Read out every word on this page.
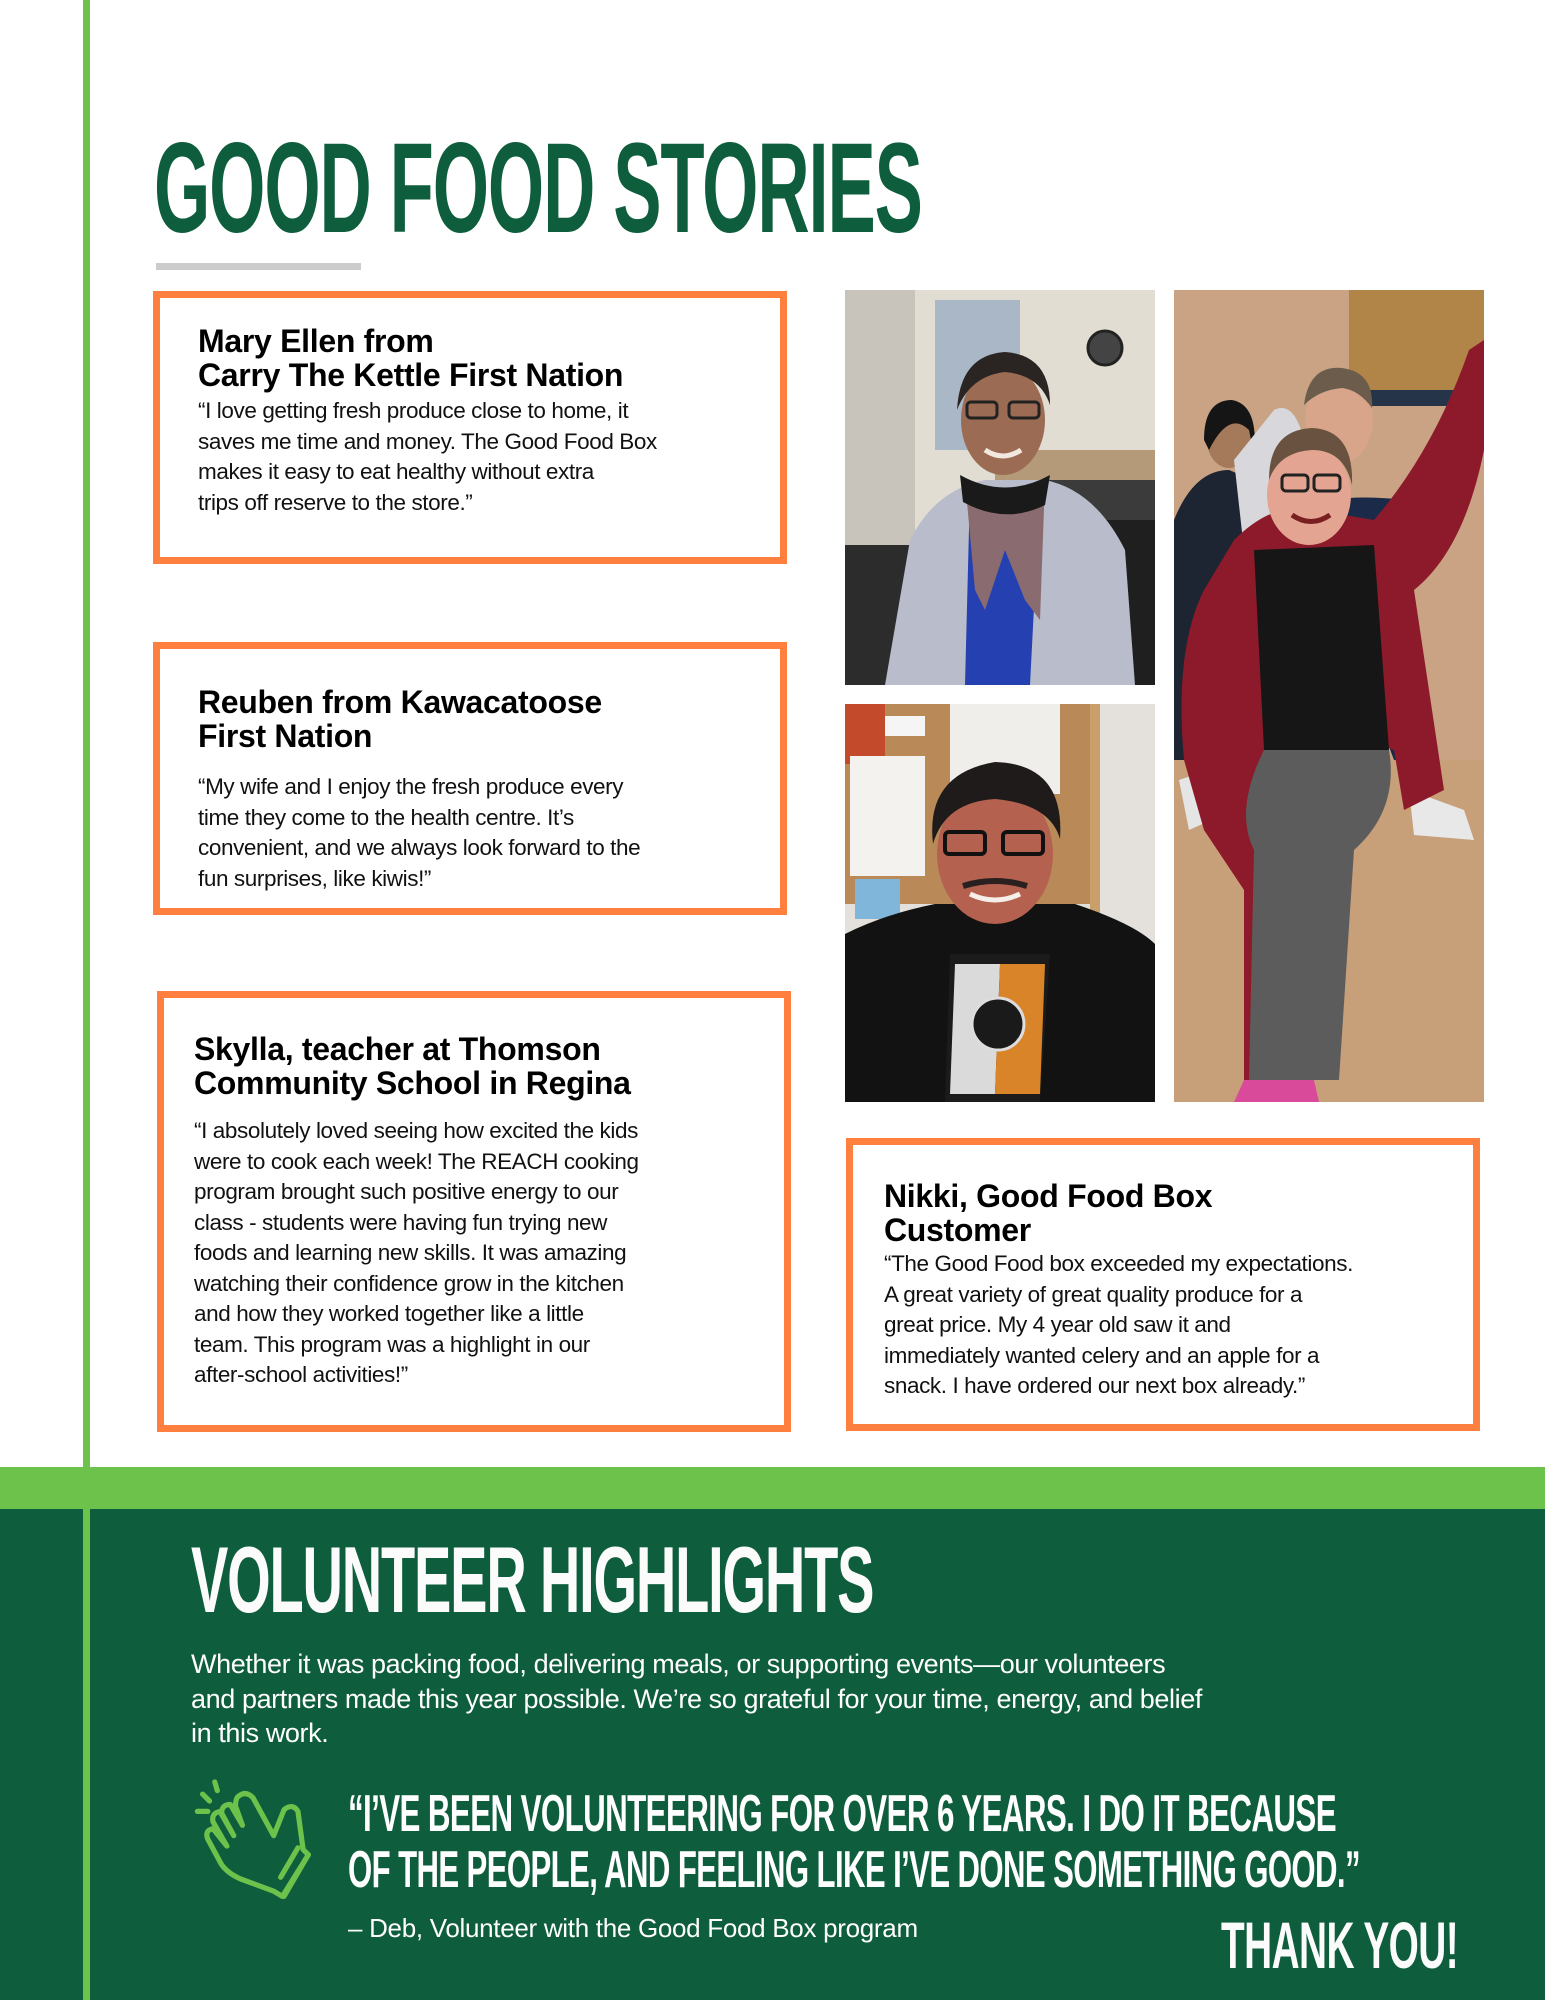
GOOD FOOD STORIES
Mary Ellen from
Carry The Kettle First Nation
“I love getting fresh produce close to home, it
saves me time and money. The Good Food Box
makes it easy to eat healthy without extra
trips off reserve to the store.”
Reuben from Kawacatoose
First Nation
“My wife and I enjoy the fresh produce every
time they come to the health centre. It’s
convenient, and we always look forward to the
fun surprises, like kiwis!”
Skylla, teacher at Thomson
Community School in Regina
“I absolutely loved seeing how excited the kids
were to cook each week! The REACH cooking
program brought such positive energy to our
class - students were having fun trying new
foods and learning new skills. It was amazing
watching their confidence grow in the kitchen
and how they worked together like a little
team. This program was a highlight in our
after-school activities!”
Nikki, Good Food Box
Customer
“The Good Food box exceeded my expectations.
A great variety of great quality produce for a
great price. My 4 year old saw it and
immediately wanted celery and an apple for a
snack. I have ordered our next box already.”
VOLUNTEER HIGHLIGHTS
Whether it was packing food, delivering meals, or supporting events—our volunteers
and partners made this year possible. We’re so grateful for your time, energy, and belief
in this work.
“I’VE BEEN VOLUNTEERING FOR OVER 6 YEARS. I DO IT BECAUSE
OF THE PEOPLE, AND FEELING LIKE I’VE DONE SOMETHING GOOD.”
– Deb, Volunteer with the Good Food Box program	THANK YOU!
